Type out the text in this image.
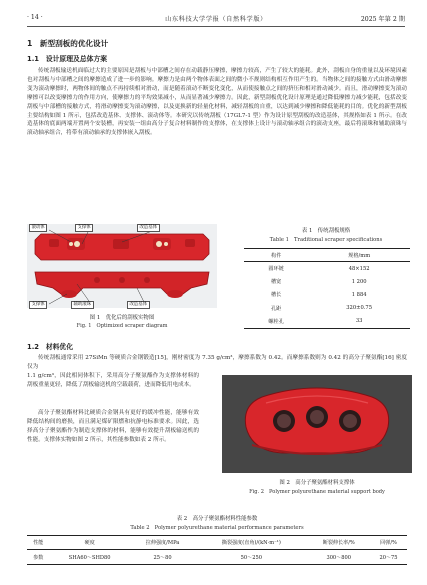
· 14 ·	山东科技大学学报（自然科学版）	2025 年第 2 期
1　新型刮板的优化设计
1.1　设计原理及总体方案

传统刮板输送机面临过大的主要原因是刮板与中部槽之间存在动载静压摩擦，摩擦力较高，产生了较大的能耗。此外，刮板自身的重量以及环境因素也对刮板与中部槽之间的摩擦造成了进一步的影响。摩擦力是由两个物体表面之间的微小不规则结构相互作用产生的。当物体之间的接触方式由滑动摩擦变为滚动摩擦时，两物体间的触点不再持续相对滑动，而是随着滚动不断变化变化，从而使接触点之间的挤压和相对滑动减少。而且，滑动摩擦变为滚动摩擦可以改变摩擦力的作用方向，使摩擦力的平均效果减小，从而显著减少摩擦力。因此，新型刮板优化设计原理是通过降低摩擦力减少能耗，包括改变刮板与中部槽的接触方式，将滑动摩擦变为滚动摩擦，以及更换新的轻量化材料，减轻刮板的自重，以达到减少摩擦和降低能耗的目的。优化的新型刮板主要结构如图 1 所示，包括改造基体、支撑体、滚动体等。本研究以传统刮板（17GL7-1 型）作为设计原型刮板的改造基体，其规格如表 1 所示。在改造基体的底面两端开置两个安装槽，再安装一组由高分子复合材料制作的支撑体，在支撑体上设计与滚动轴承组合的滚动支座，最后将滚珠和辅助滚珠与滚动轴承组合，将带有滚动轴承的支撑体嵌入刮板。

滚动体	支撑体	改造基体
支撑体	辅助滚珠	改造基体
图 1　优化后的刮板实物图
Fig. 1　Optimized scraper diagram
表 1　传统刮板规格
Table 1　Traditional scraper specifications
构件	规格/mm
圆环链	48×152
槽宽	1 200
槽长	1 884
孔距	320±0.75
螺栓孔	33
1.2　材料优化

传统刮板通常采用 27SiMn 等硬质合金钢锻造[15]，刚材密度为 7.35 g/cm³，摩擦系数为 0.42。而摩擦系数则为 0.42 的高分子聚氨酯[16] 密度仅为

1.1 g/cm³，因此相同体积下，采用高分子聚氨酯作为支撑体材料的刮板重量更轻，降低了刮板输送机的空载载荷，进而降低用电成本。

高分子聚氨酯材料比硬质合金钢具有更好的缓冲性能，能够有效降低结构间的磨损，而且满足煤矿限燃和抗静电标准要求。因此，选择高分子聚氨酯作为制造支撑体的材料，能够有效提升刮板输送机的性能。支撑体实物如图 2 所示，其性能参数如表 2 所示。

图 2　高分子聚氨酯材料支撑体
Fig. 2　Polymer polyurethane material support body
表 2　高分子聚氨酯材料性能参数
Table 2　Polymer polyurethane material performance parameters
性能	硬度	拉伸强度/MPa	撕裂强度(直角)/(kN·m⁻¹)	断裂伸长率/%	回弹/%
参数	SHA60～SHD80	25～80	50～250	300～800	20～75
